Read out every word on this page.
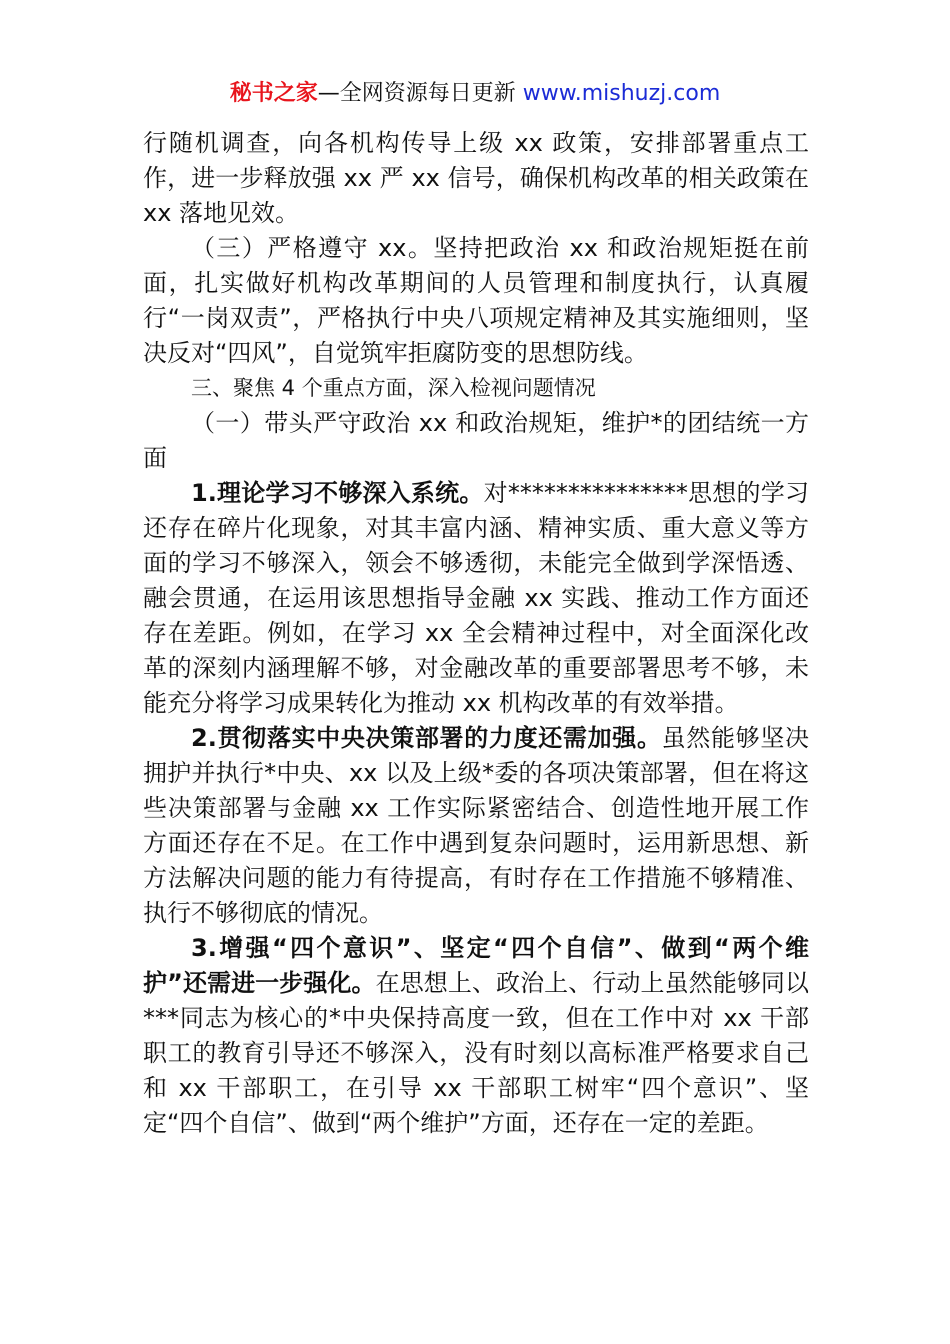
秘书之家—全网资源每日更新 www.mishuzj.com

行随机调查，向各机构传导上级 xx 政策，安排部署重点工作，进一步释放强 xx 严 xx 信号，确保机构改革的相关政策在 xx 落地见效。

（三）严格遵守 xx。坚持把政治 xx 和政治规矩挺在前面，扎实做好机构改革期间的人员管理和制度执行，认真履行“一岗双责”，严格执行中央八项规定精神及其实施细则，坚决反对“四风”，自觉筑牢拒腐防变的思想防线。

三、聚焦 4 个重点方面，深入检视问题情况

（一）带头严守政治 xx 和政治规矩，维护*的团结统一方面

1.理论学习不够深入系统。对***************思想的学习还存在碎片化现象，对其丰富内涵、精神实质、重大意义等方面的学习不够深入，领会不够透彻，未能完全做到学深悟透、融会贯通，在运用该思想指导金融 xx 实践、推动工作方面还存在差距。例如，在学习 xx 全会精神过程中，对全面深化改革的深刻内涵理解不够，对金融改革的重要部署思考不够，未能充分将学习成果转化为推动 xx 机构改革的有效举措。

2.贯彻落实中央决策部署的力度还需加强。虽然能够坚决拥护并执行*中央、xx 以及上级*委的各项决策部署，但在将这些决策部署与金融 xx 工作实际紧密结合、创造性地开展工作方面还存在不足。在工作中遇到复杂问题时，运用新思想、新方法解决问题的能力有待提高，有时存在工作措施不够精准、执行不够彻底的情况。

3.增强“四个意识”、坚定“四个自信”、做到“两个维护”还需进一步强化。在思想上、政治上、行动上虽然能够同以***同志为核心的*中央保持高度一致，但在工作中对 xx 干部职工的教育引导还不够深入，没有时刻以高标准严格要求自己和 xx 干部职工，在引导 xx 干部职工树牢“四个意识”、坚定“四个自信”、做到“两个维护”方面，还存在一定的差距。
